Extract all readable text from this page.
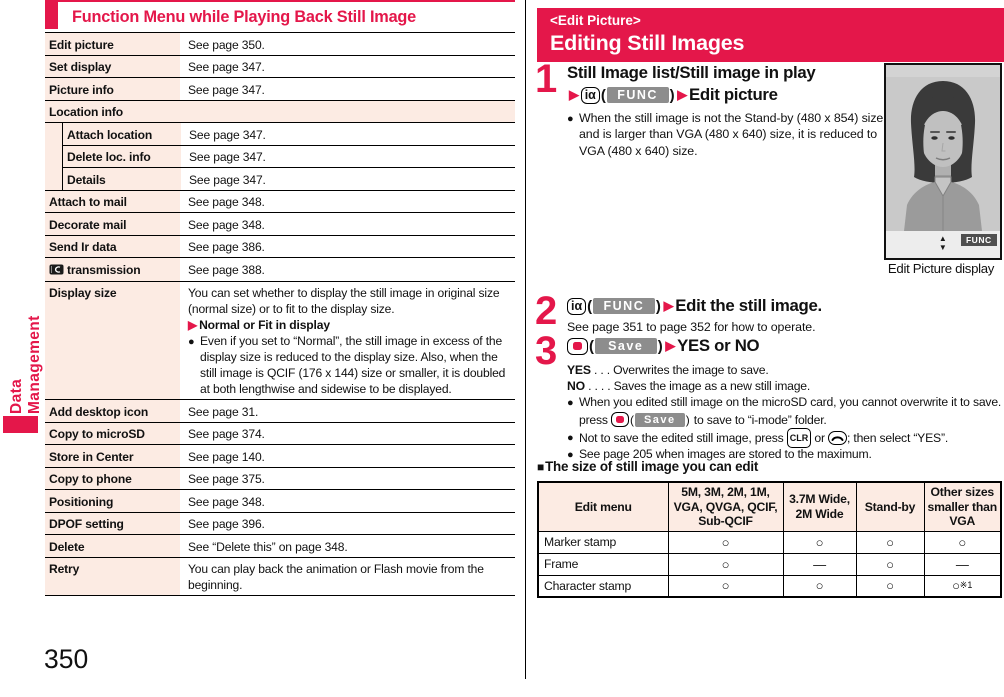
Data Management
350
Function Menu while Playing Back Still Image
Edit picture	See page 350.
Set display	See page 347.
Picture info	See page 347.
Location info
Attach location	See page 347.
Delete loc. info	See page 347.
Details	See page 347.
Attach to mail	See page 348.
Decorate mail	See page 348.
Send Ir data	See page 386.
transmission	See page 388.
Display size	You can set whether to display the still image in original size (normal size) or to fit to the display size.

▶ Normal or Fit in display

● Even if you set to “Normal”, the still image in excess of the display size is reduced to the display size. Also, when the still image is QCIF (176 x 144) size or smaller, it is doubled at both lengthwise and sidewise to be displayed.
Add desktop icon	See page 31.
Copy to microSD	See page 374.
Store in Center	See page 140.
Copy to phone	See page 375.
Positioning	See page 348.
DPOF setting	See page 396.
Delete	See “Delete this” on page 348.
Retry	You can play back the animation or Flash movie from the beginning.
<Edit Picture>
Editing Still Images
1 Still Image list/Still image in play
▶ iα ( FUNC ) ▶ Edit picture
● When the still image is not the Stand-by (480 x 854) size and is larger than VGA (480 x 640) size, it is reduced to VGA (480 x 640) size.
2	iα ( FUNC ) ▶ Edit the still image.
See page 351 to page 352 for how to operate.
3 (	Save ) ▶ YES or NO
YES . . . Overwrites the image to save.
NO . . . . Saves the image as a new still image.
● When you edited still image on the microSD card, you cannot overwrite it to save.
press ( Save ) to save to “i-mode” folder.
● Not to save the edited still image, press CLR or ; then select “YES”.
● See page 205 when images are stored to the maximum.
■ The size of still image you can edit
Edit menu	5M, 3M, 2M, 1M, VGA, QVGA, QCIF, Sub-QCIF	3.7M Wide, 2M Wide	Stand-by	Other sizes smaller than VGA
Marker stamp	○	○	○	○
Frame	○	—	○	—
Character stamp	○	○	○	○$^{※1}$
▲
▼
FUNC
Edit Picture display
